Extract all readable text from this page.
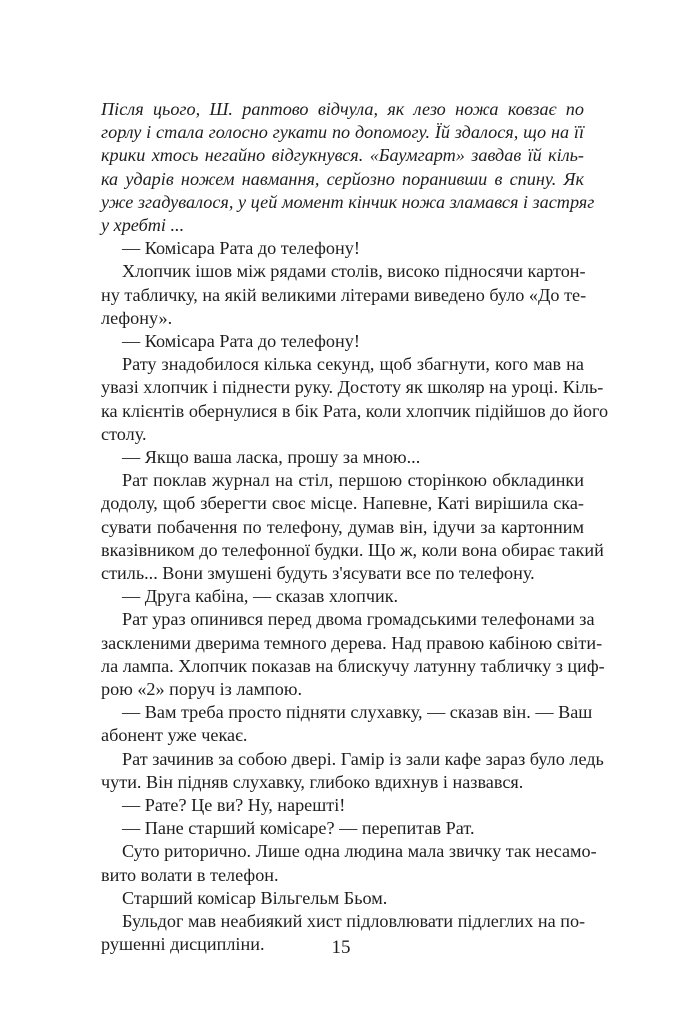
Після цього, Ш. раптово відчула, як лезо ножа ковзає по
горлу і стала голосно гукати по допомогу. Їй здалося, що на її
крики хтось негайно відгукнувся. «Баумгарт» завдав їй кіль-
ка ударів ножем навмання, серйозно поранивши в спину. Як
уже згадувалося, у цей момент кінчик ножа зламався і застряг
у хребті ...
— Комісара Рата до телефону!
Хлопчик ішов між рядами столів, високо підносячи картон-
ну табличку, на якій великими літерами виведено було «До те-
лефону».
— Комісара Рата до телефону!
Рату знадобилося кілька секунд, щоб збагнути, кого мав на
увазі хлопчик і піднести руку. Достоту як школяр на уроці. Кіль-
ка клієнтів обернулися в бік Рата, коли хлопчик підійшов до його
столу.
— Якщо ваша ласка, прошу за мною...
Рат поклав журнал на стіл, першою сторінкою обкладинки
додолу, щоб зберегти своє місце. Напевне, Каті вирішила ска-
сувати побачення по телефону, думав він, ідучи за картонним
вказівником до телефонної будки. Що ж, коли вона обирає такий
стиль... Вони змушені будуть з'ясувати все по телефону.
— Друга кабіна, — сказав хлопчик.
Рат ураз опинився перед двома громадськими телефонами за
засклeними дверима темного дерева. Над правою кабіною світи-
ла лампа. Хлопчик показав на блискучу латунну табличку з циф-
рою «2» поруч із лампою.
— Вам треба просто підняти слухавку, — сказав він. — Ваш
абонент уже чекає.
Рат зачинив за собою двері. Гамір із зали кафе зараз було ледь
чути. Він підняв слухавку, глибоко вдихнув і назвався.
— Рате? Це ви? Ну, нарешті!
— Пане старший комісаре? — перепитав Рат.
Суто риторично. Лише одна людина мала звичку так несамо-
вито волати в телефон.
Старший комісар Вільгельм Бьом.
Бульдог мав неабиякий хист підловлювати підлеглих на по-
рушенні дисципліни.	15
